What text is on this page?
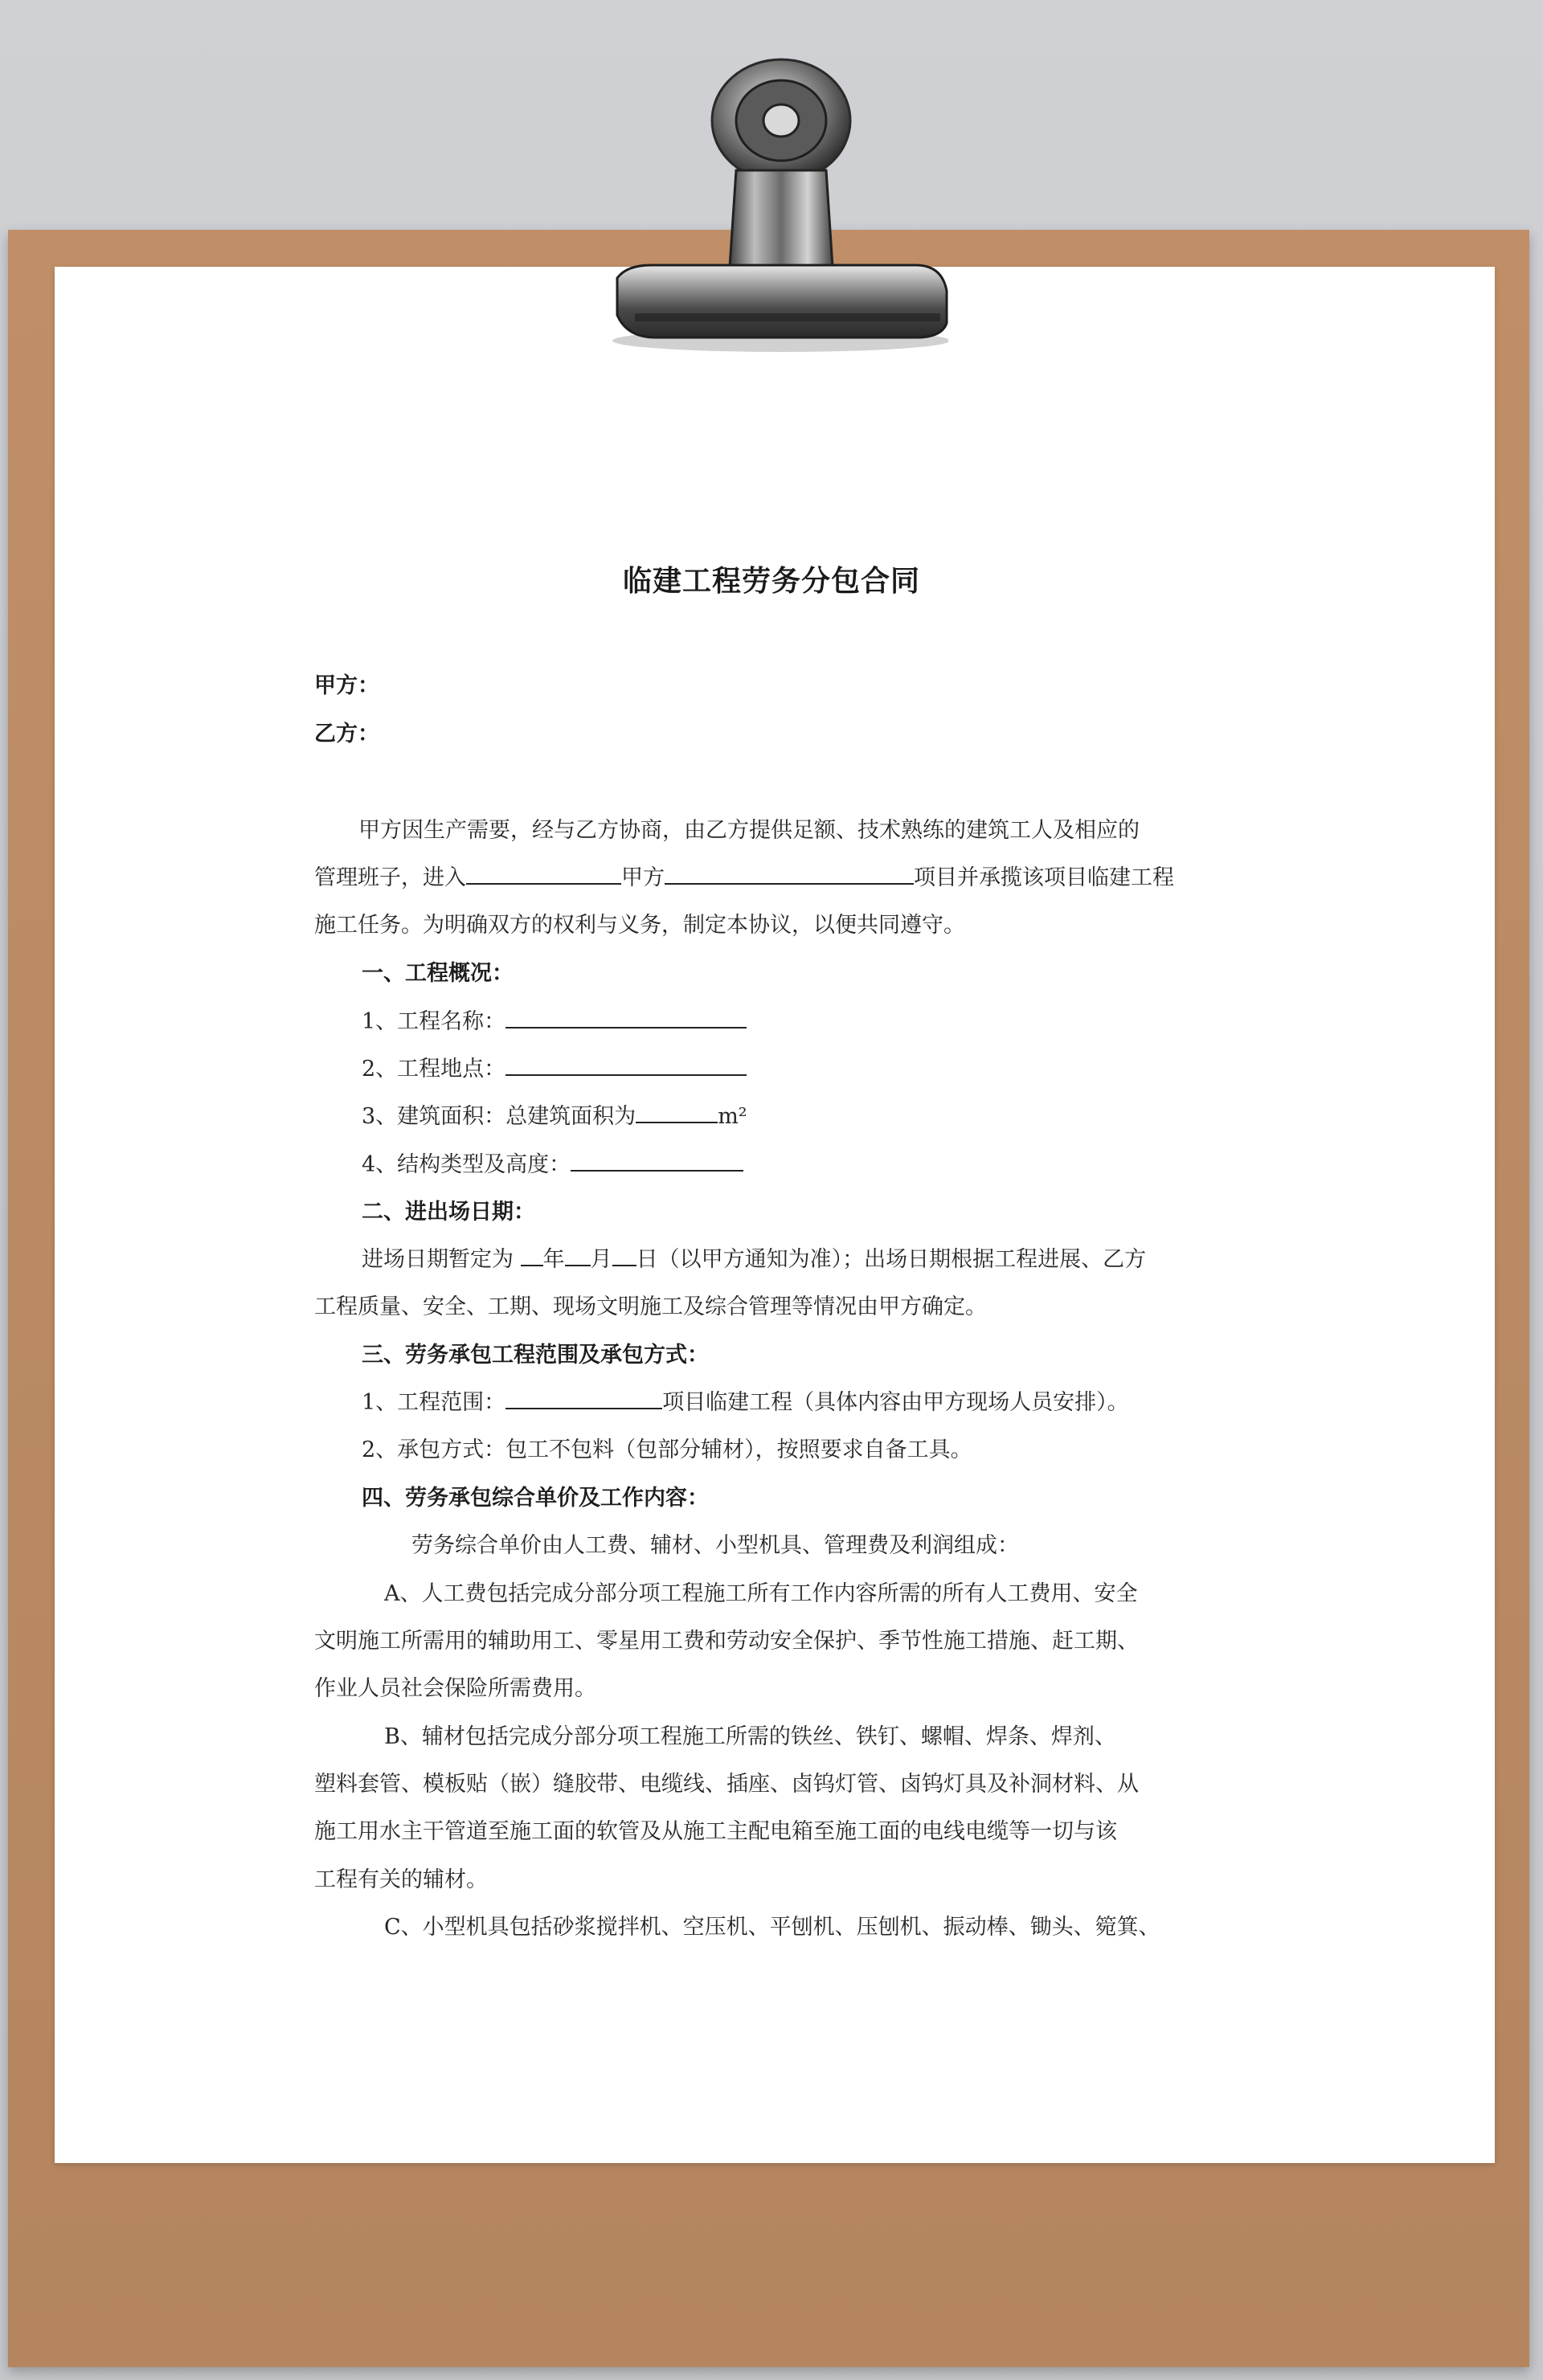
临建工程劳务分包合同
甲方：
乙方：
甲方因生产需要，经与乙方协商，由乙方提供足额、技术熟练的建筑工人及相应的
管理班子，进入	甲方	项目并承揽该项目临建工程
施工任务。为明确双方的权利与义务，制定本协议，以便共同遵守。
一、工程概况：
1、工程名称：
2、工程地点：
3、建筑面积：总建筑面积为	m²
4、结构类型及高度：
二、进出场日期：
进场日期暂定为 年 月 日（以甲方通知为准）；出场日期根据工程进展、乙方
工程质量、安全、工期、现场文明施工及综合管理等情况由甲方确定。
三、劳务承包工程范围及承包方式：
1、工程范围：	项目临建工程（具体内容由甲方现场人员安排）。
2、承包方式：包工不包料（包部分辅材），按照要求自备工具。
四、劳务承包综合单价及工作内容：
劳务综合单价由人工费、辅材、小型机具、管理费及利润组成：
A、人工费包括完成分部分项工程施工所有工作内容所需的所有人工费用、安全
文明施工所需用的辅助用工、零星用工费和劳动安全保护、季节性施工措施、赶工期、
作业人员社会保险所需费用。
B、辅材包括完成分部分项工程施工所需的铁丝、铁钉、螺帽、焊条、焊剂、
塑料套管、模板贴（嵌）缝胶带、电缆线、插座、卤钨灯管、卤钨灯具及补洞材料、从
施工用水主干管道至施工面的软管及从施工主配电箱至施工面的电线电缆等一切与该
工程有关的辅材。
C、小型机具包括砂浆搅拌机、空压机、平刨机、压刨机、振动棒、锄头、箢箕、
